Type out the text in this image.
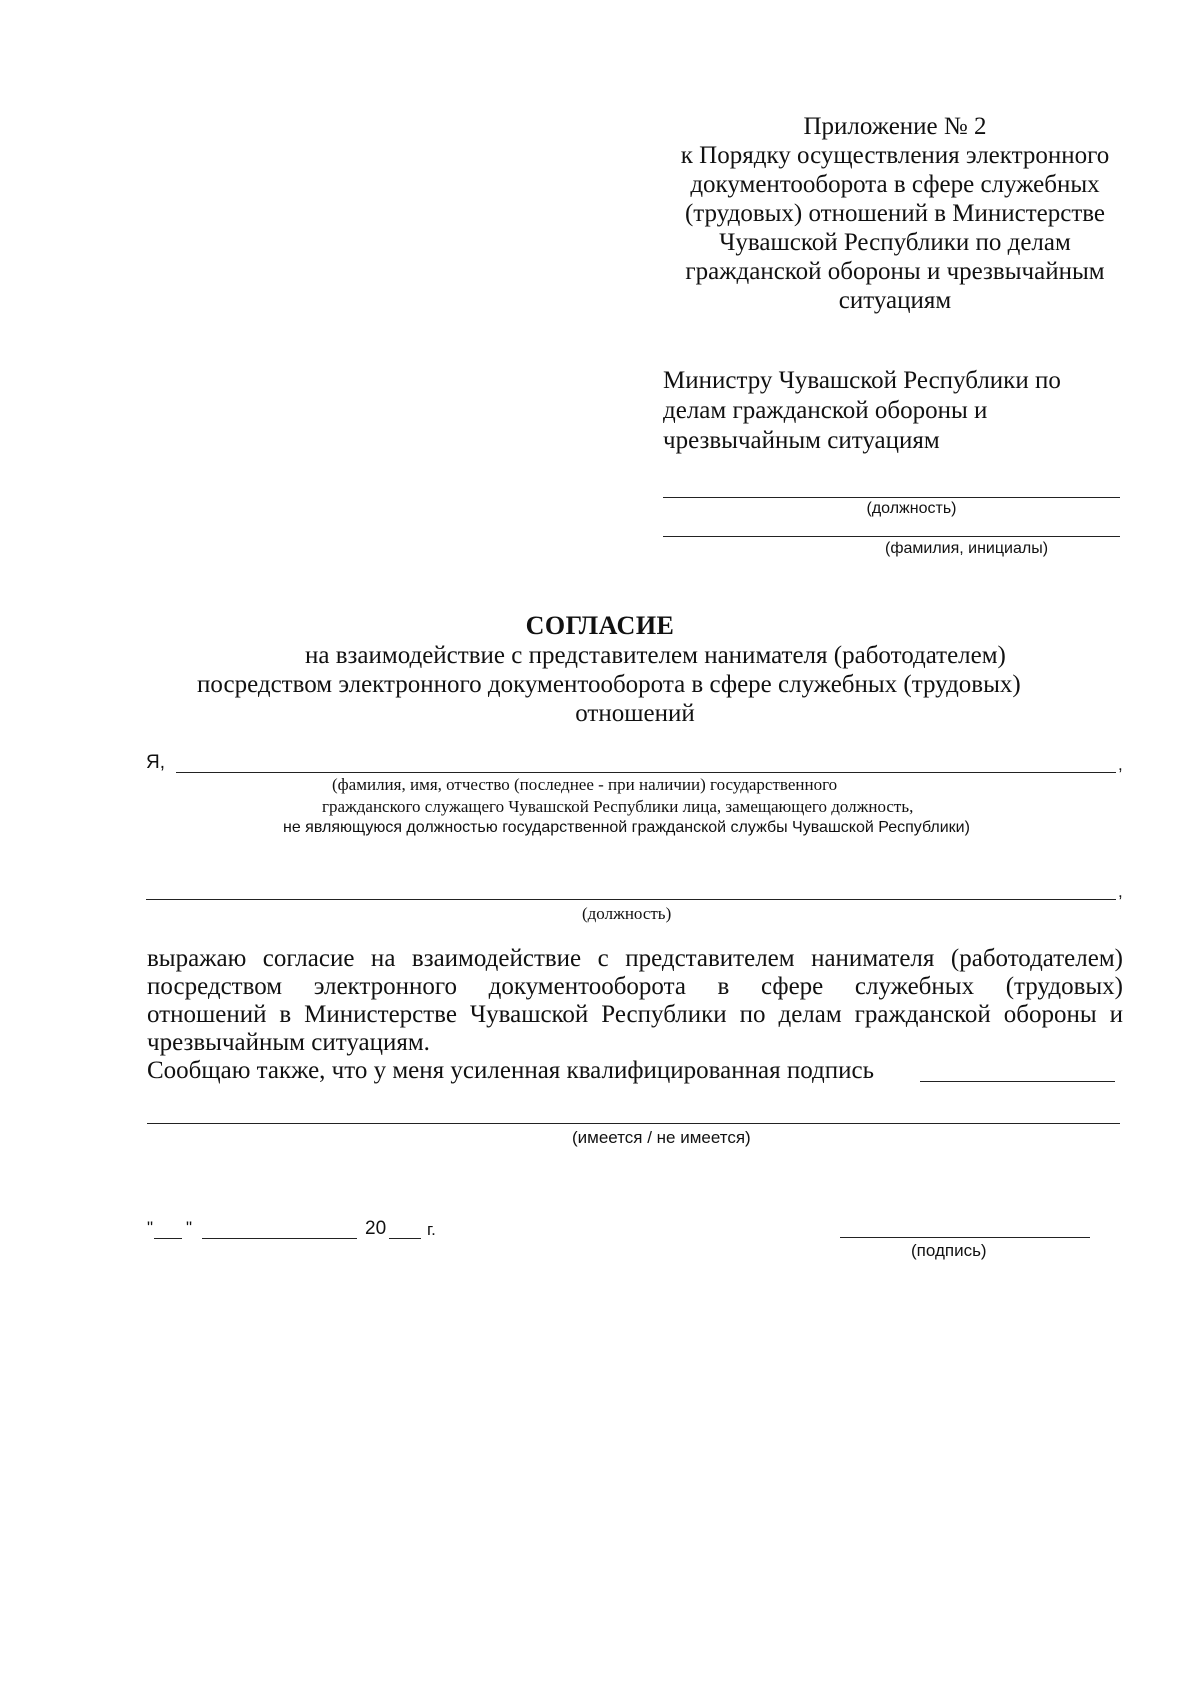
Приложение № 2
к Порядку осуществления электронного
документооборота в сфере служебных
(трудовых) отношений в Министерстве
Чувашской Республики по делам
гражданской обороны и чрезвычайным
ситуациям
Министру Чувашской Республики по
делам гражданской обороны и
чрезвычайным ситуациям
(должность)
(фамилия, инициалы)
СОГЛАСИЕ
на взаимодействие с представителем нанимателя (работодателем)
посредством электронного документооборота в сфере служебных (трудовых)
отношений
Я,	,
(фамилия, имя, отчество (последнее - при наличии) государственного
гражданского служащего Чувашской Республики лица, замещающего должность,
не являющуюся должностью государственной гражданской службы Чувашской Республики)
,
(должность)
выражаю согласие на взаимодействие с представителем нанимателя (работодателем)
посредством электронного документооборота в сфере служебных (трудовых)
отношений в Министерстве Чувашской Республики по делам гражданской обороны и
чрезвычайным ситуациям.
Сообщаю также, что у меня усиленная квалифицированная подпись
(имеется / не имеется)
" "	20 г.
(подпись)
